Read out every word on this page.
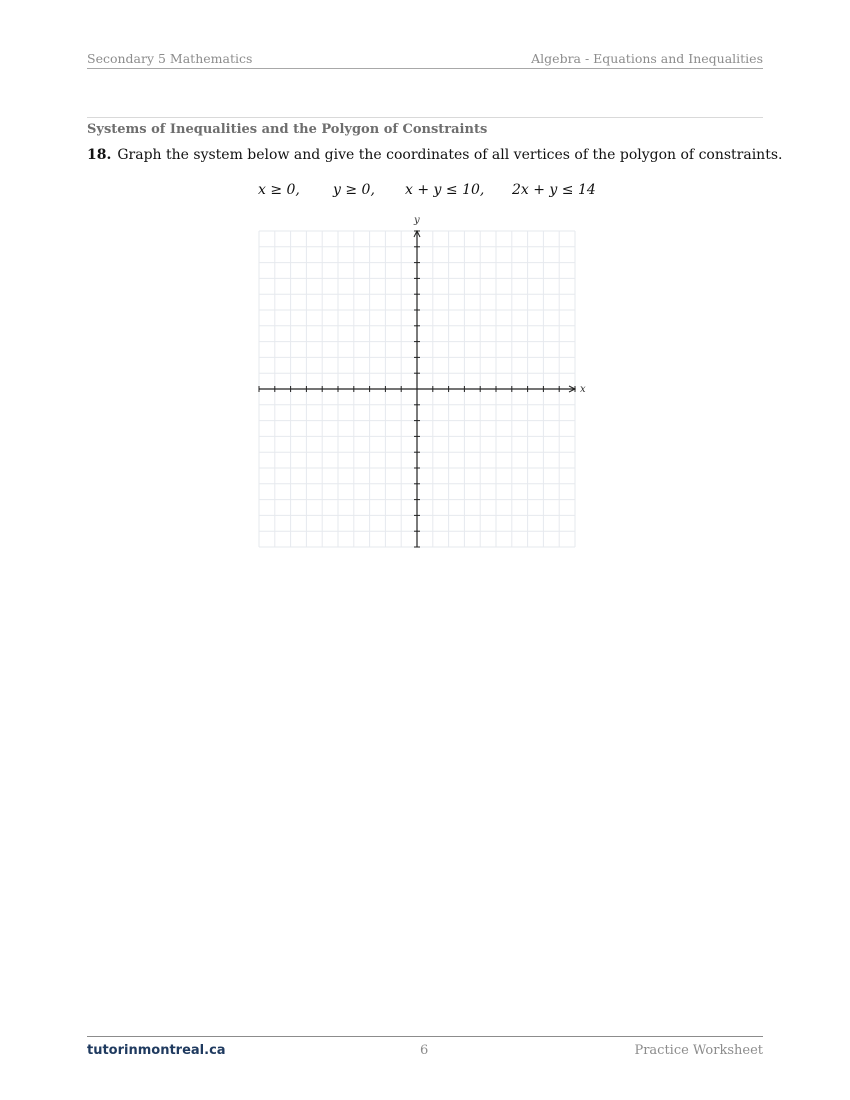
Secondary 5 Mathematics	Algebra - Equations and Inequalities
Systems of Inequalities and the Polygon of Constraints
18. Graph the system below and give the coordinates of all vertices of the polygon of constraints.
x ≥ 0, y ≥ 0, x + y ≤ 10, 2x + y ≤ 14
x
y
tutorinmontreal.ca	6	Practice Worksheet
